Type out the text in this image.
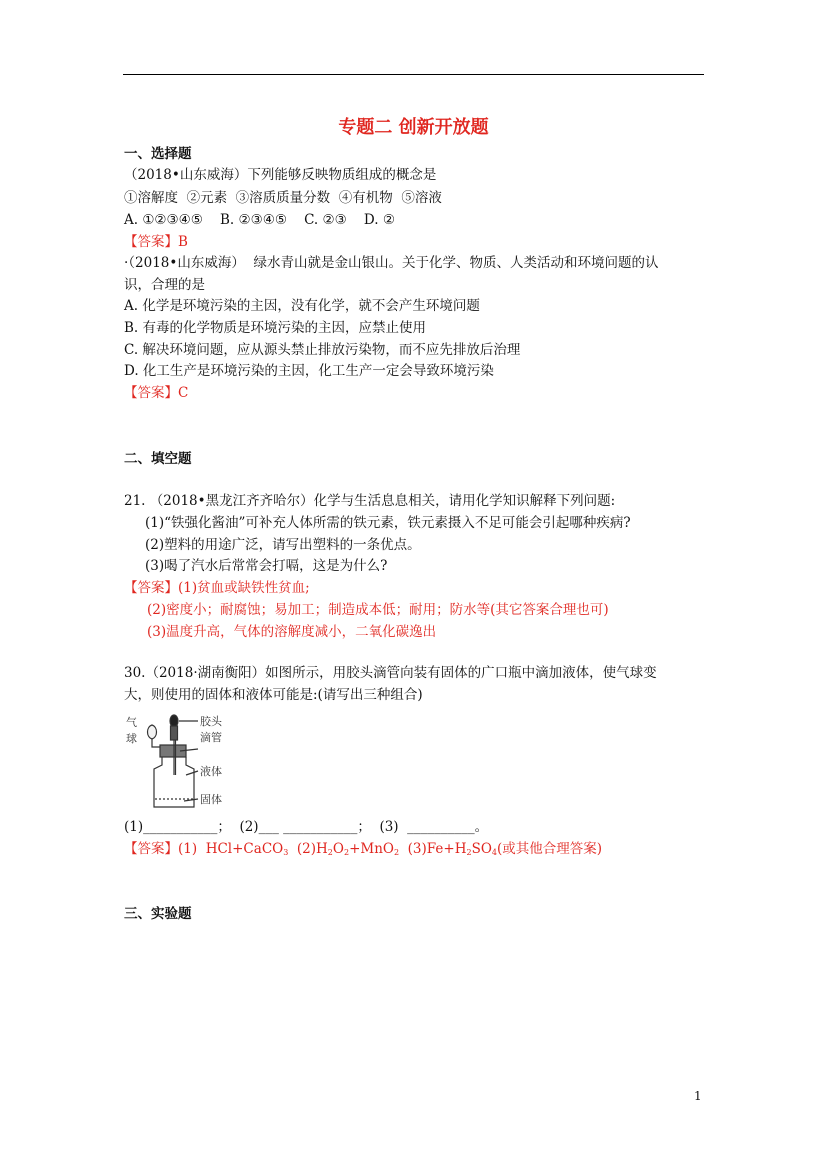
专题二 创新开放题
一、选择题
（2018•山东威海）下列能够反映物质组成的概念是
①溶解度  ②元素  ③溶质质量分数  ④有机物  ⑤溶液
A. ①②③④⑤    B. ②③④⑤    C. ②③    D. ②
【答案】B
·（2018•山东威海）  绿水青山就是金山银山。关于化学、物质、人类活动和环境问题的认
识，合理的是
A. 化学是环境污染的主因，没有化学，就不会产生环境问题
B. 有毒的化学物质是环境污染的主因，应禁止使用
C. 解决环境问题，应从源头禁止排放污染物，而不应先排放后治理
D. 化工生产是环境污染的主因，化工生产一定会导致环境污染
【答案】C
二、填空题
21. （2018•黑龙江齐齐哈尔）化学与生活息息相关，请用化学知识解释下列问题:
(1)“铁强化酱油”可补充人体所需的铁元素，铁元素摄入不足可能会引起哪种疾病?
(2)塑料的用途广泛，请写出塑料的一条优点。
(3)喝了汽水后常常会打嗝，这是为什么?
【答案】(1)贫血或缺铁性贫血;
(2)密度小；耐腐蚀；易加工；制造成本低；耐用；防水等(其它答案合理也可)
(3)温度升高，气体的溶解度减小，二氧化碳逸出
30.（2018·湖南衡阳）如图所示，用胶头滴管向装有固体的广口瓶中滴加液体，使气球变
大，则使用的固体和液体可能是:(请写出三种组合)
气
球
胶头
滴管
液体
固体
(1)___________；  (2)___ ___________；  (3)  __________。
【答案】(1)  HCl+CaCO$_3$  $(2)H_2O_2+MnO_2$  $(3)Fe+H_2SO_4$(或其他合理答案)
三、实验题
1
